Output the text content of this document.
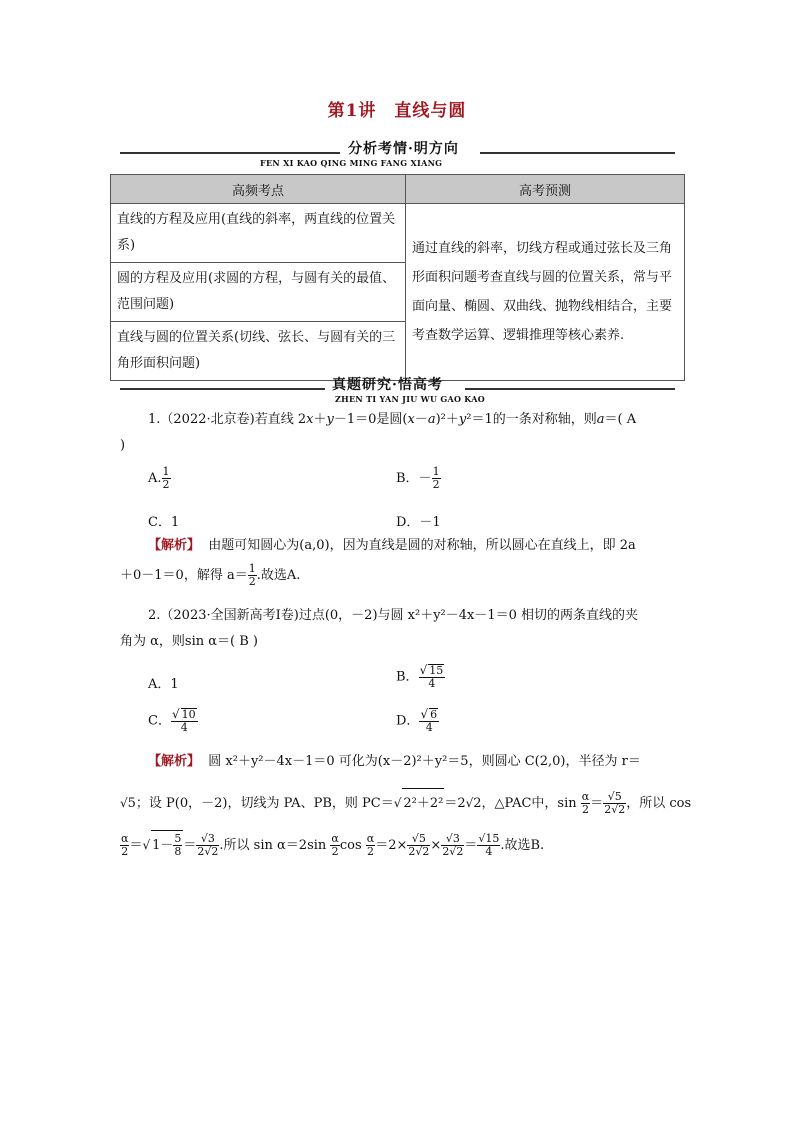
第1讲　直线与圆
分析考情·明方向
FEN XI KAO QING MING FANG XIANG
高频考点	高考预测
直线的方程及应用(直线的斜率，两直线的位置关系)	通过直线的斜率，切线方程或通过弦长及三角形面积问题考查直线与圆的位置关系，常与平面向量、椭圆、双曲线、抛物线相结合，主要考查数学运算、逻辑推理等核心素养.
圆的方程及应用(求圆的方程，与圆有关的最值、范围问题)	
直线与圆的位置关系(切线、弦长、与圆有关的三角形面积问题)	
真题研究·悟高考
ZHEN TI YAN JIU WU GAO KAO
1.（2022·北京卷)若直线 2x＋y－1＝0是圆(x－a)²＋y²＝1的一条对称轴，则a＝( A
)
A. $\frac{1}{2}$	B．－ $\frac{1}{2}$
C．1	D．－1
【解析】 由题可知圆心为(a,0)，因为直线是圆的对称轴，所以圆心在直线上，即 2a
＋0－1＝0，解得 $a= \frac{1}{2}$ .故选A.
2.（2023·全国新高考Ⅰ卷)过点(0，－2)与圆 x²＋y²－4x－1＝0 相切的两条直线的夹
角为 α，则sin α＝( B )
A．1	B． $\frac{√ 15}{4}$
C． $\frac{√ 10}{4}$	D． $\frac{√ 6}{4}$
【解析】 圆 x²＋y²－4x－1＝0 可化为(x－2)²＋y²＝5，则圆心 C(2,0)，半径为 r＝
√5；设 P(0，－2)，切线为 PA、PB，则 PC＝√ 2²＋2²＝2√2，△PAC中，$\sin \frac{\alpha}{2} = \frac{√5}{2√2}$ ，所以 cos
$\frac{\alpha}{2}$ ＝√ $1- \frac{5}{8} = \frac{√3}{2√2}$ .所以 $\sin \alpha=2\sin \frac{\alpha}{2}$ $\cos \frac{\alpha}{2} =2\times \frac{√5}{2√2} \times \frac{√3}{2√2} = \frac{√15}{4}$ .故选B.
